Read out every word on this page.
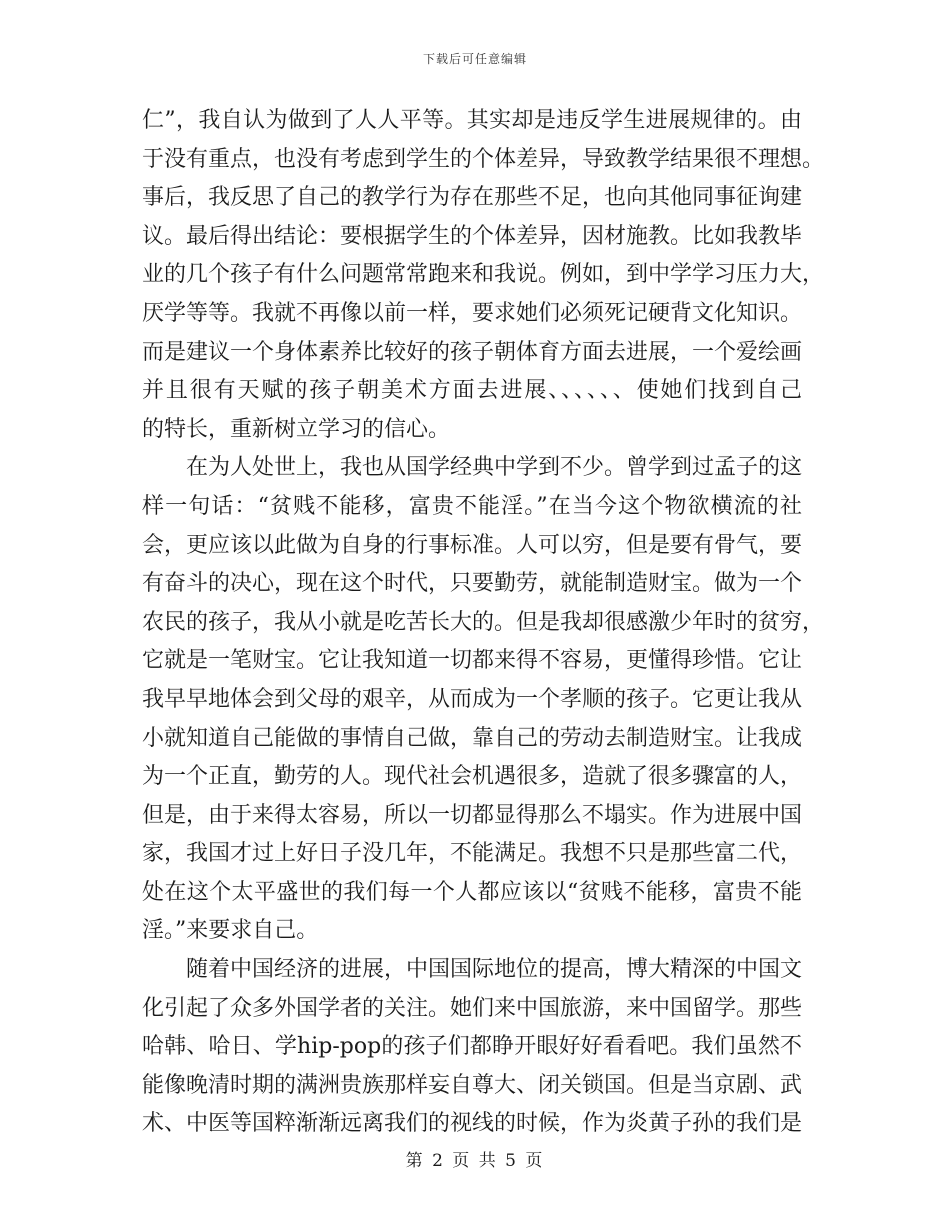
下载后可任意编辑
仁”，我自认为做到了人人平等。其实却是违反学生进展规律的。由
于没有重点，也没有考虑到学生的个体差异，导致教学结果很不理想。
事后，我反思了自己的教学行为存在那些不足，也向其他同事征询建
议。最后得出结论：要根据学生的个体差异，因材施教。比如我教毕
业的几个孩子有什么问题常常跑来和我说。例如，到中学学习压力大，
厌学等等。我就不再像以前一样，要求她们必须死记硬背文化知识。
而是建议一个身体素养比较好的孩子朝体育方面去进展，一个爱绘画
并且很有天赋的孩子朝美术方面去进展、、、、、、使她们找到自己
的特长，重新树立学习的信心。
　　在为人处世上，我也从国学经典中学到不少。曾学到过孟子的这
样一句话：“贫贱不能移，富贵不能淫。”在当今这个物欲横流的社
会，更应该以此做为自身的行事标准。人可以穷，但是要有骨气，要
有奋斗的决心，现在这个时代，只要勤劳，就能制造财宝。做为一个
农民的孩子，我从小就是吃苦长大的。但是我却很感激少年时的贫穷，
它就是一笔财宝。它让我知道一切都来得不容易，更懂得珍惜。它让
我早早地体会到父母的艰辛，从而成为一个孝顺的孩子。它更让我从
小就知道自己能做的事情自己做，靠自己的劳动去制造财宝。让我成
为一个正直，勤劳的人。现代社会机遇很多，造就了很多骤富的人，
但是，由于来得太容易，所以一切都显得那么不塌实。作为进展中国
家，我国才过上好日子没几年，不能满足。我想不只是那些富二代，
处在这个太平盛世的我们每一个人都应该以“贫贱不能移，富贵不能
淫。”来要求自己。
　　随着中国经济的进展，中国国际地位的提高，博大精深的中国文
化引起了众多外国学者的关注。她们来中国旅游，来中国留学。那些
哈韩、哈日、学hip-pop的孩子们都睁开眼好好看看吧。我们虽然不
能像晚清时期的满洲贵族那样妄自尊大、闭关锁国。但是当京剧、武
术、中医等国粹渐渐远离我们的视线的时候，作为炎黄子孙的我们是
第 2 页 共 5 页
